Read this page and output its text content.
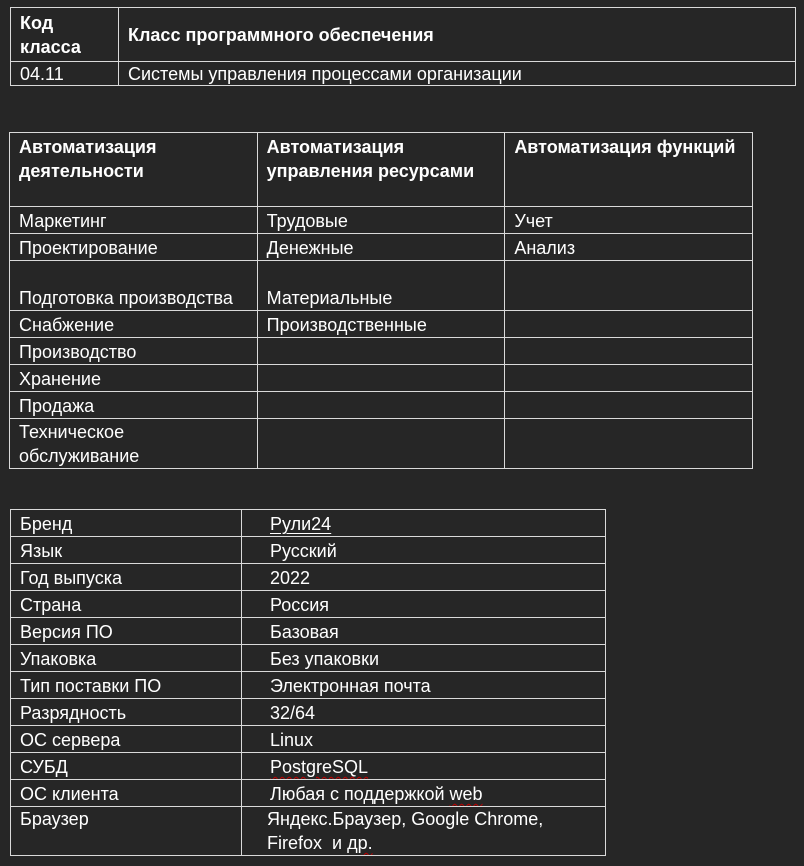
Код класса	Класс программного обеспечения
04.11	Системы управления процессами организации
Автоматизация деятельности	Автоматизация управления ресурсами	Автоматизация функций
Маркетинг	Трудовые	Учет
Проектирование	Денежные	Анализ
Подготовка производства	Материальные	
Снабжение	Производственные	
Производство		
Хранение		
Продажа		
Техническое обслуживание		
Бренд	Рули24
Язык	Русский
Год выпуска	2022
Страна	Россия
Версия ПО	Базовая
Упаковка	Без упаковки
Тип поставки ПО	Электронная почта
Разрядность	32/64
ОС сервера	Linux
СУБД	PostgreSQL
ОС клиента	Любая с поддержкой web
Браузер	Яндекс.Браузер, Google Chrome,
Firefox  и др.
